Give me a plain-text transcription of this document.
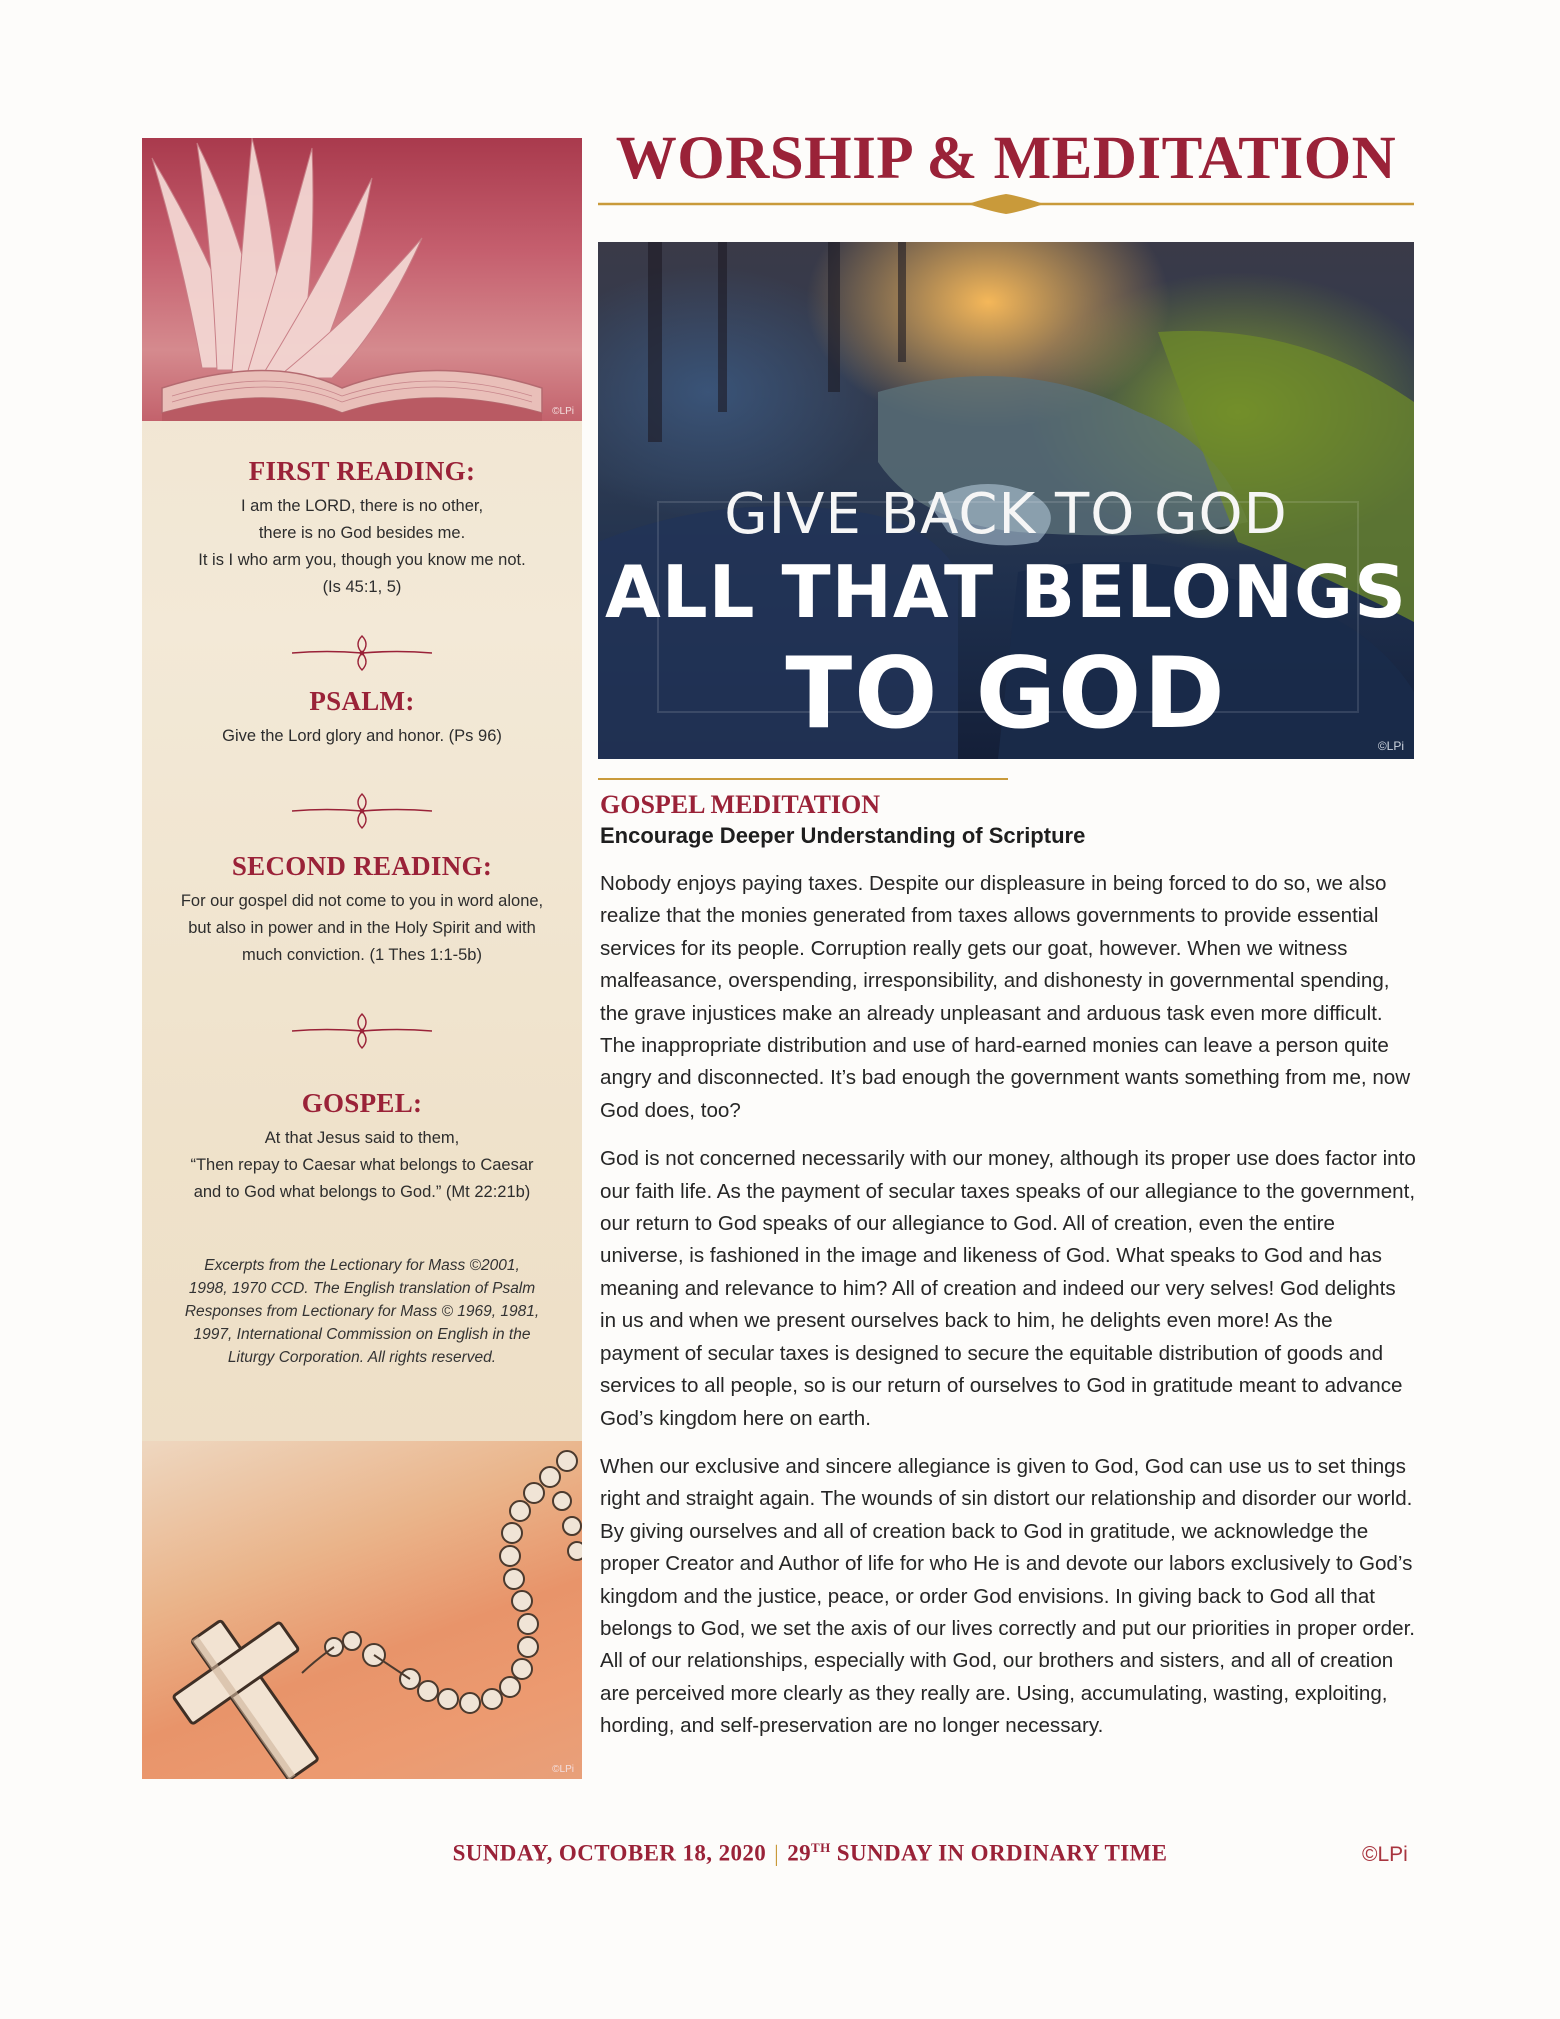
©LPi
FIRST READING:

I am the LORD, there is no other,
there is no God besides me.
It is I who arm you, though you know me not.
(Is 45:1, 5)

PSALM:

Give the Lord glory and honor. (Ps 96)

SECOND READING:

For our gospel did not come to you in word alone,
but also in power and in the Holy Spirit and with
much conviction. (1 Thes 1:1-5b)

GOSPEL:

At that Jesus said to them,
“Then repay to Caesar what belongs to Caesar
and to God what belongs to God.” (Mt 22:21b)

Excerpts from the Lectionary for Mass ©2001,
1998, 1970 CCD. The English translation of Psalm
Responses from Lectionary for Mass © 1969, 1981,
1997, International Commission on English in the
Liturgy Corporation. All rights reserved.
©LPi
WORSHIP & MEDITATION

GIVE BACK TO GOD

ALL THAT BELONGS

TO GOD	©LPi
GOSPEL MEDITATION
Encourage Deeper Understanding of Scripture

Nobody enjoys paying taxes. Despite our displeasure in being forced to do so, we also realize that the monies generated from taxes allows governments to provide essential services for its people. Corruption really gets our goat, however. When we witness malfeasance, overspending, irresponsibility, and dishonesty in governmental spending, the grave injustices make an already unpleasant and arduous task even more difficult. The inappropriate distribution and use of hard-earned monies can leave a person quite angry and disconnected. It’s bad enough the government wants something from me, now God does, too?

God is not concerned necessarily with our money, although its proper use does factor into our faith life. As the payment of secular taxes speaks of our allegiance to the government, our return to God speaks of our allegiance to God. All of creation, even the entire universe, is fashioned in the image and likeness of God. What speaks to God and has meaning and relevance to him? All of creation and indeed our very selves! God delights in us and when we present ourselves back to him, he delights even more! As the payment of secular taxes is designed to secure the equitable distribution of goods and services to all people, so is our return of ourselves to God in gratitude meant to advance God’s kingdom here on earth.

When our exclusive and sincere allegiance is given to God, God can use us to set things right and straight again. The wounds of sin distort our relationship and disorder our world. By giving ourselves and all of creation back to God in gratitude, we acknowledge the proper Creator and Author of life for who He is and devote our labors exclusively to God’s kingdom and the justice, peace, or order God envisions. In giving back to God all that belongs to God, we set the axis of our lives correctly and put our priorities in proper order. All of our relationships, especially with God, our brothers and sisters, and all of creation are perceived more clearly as they really are. Using, accumulating, wasting, exploiting, hording, and self-preservation are no longer necessary.

SUNDAY, OCTOBER 18, 2020 | 29TH SUNDAY IN ORDINARY TIME	©LPi
